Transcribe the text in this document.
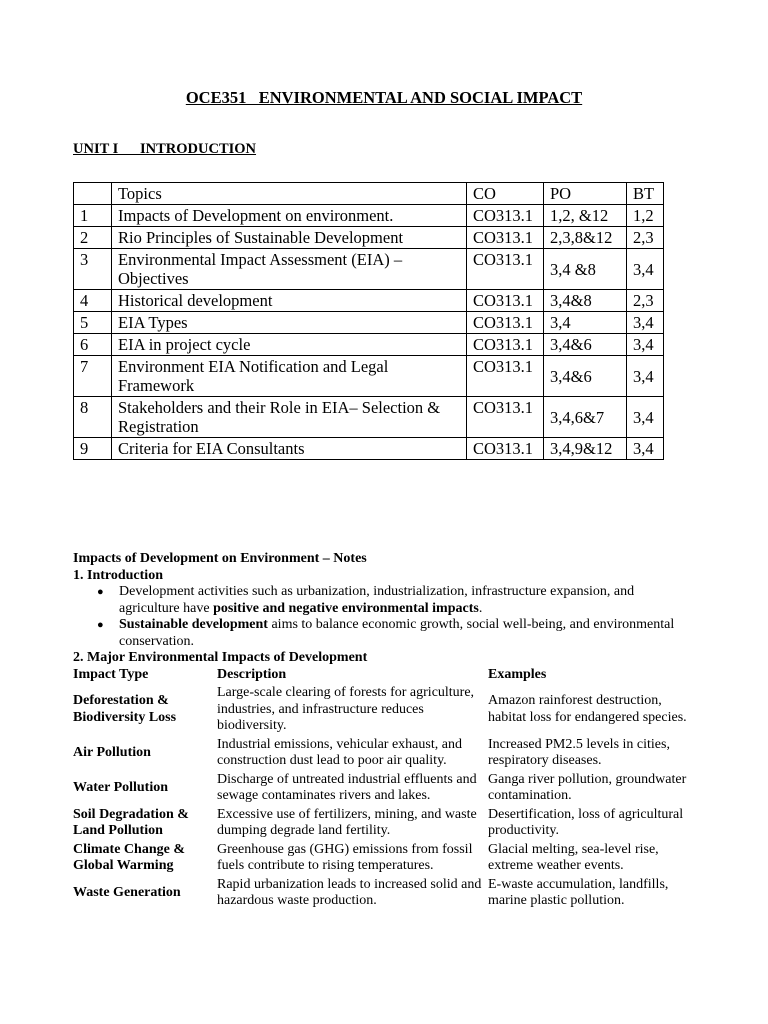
OCE351   ENVIRONMENTAL AND SOCIAL IMPACT
UNIT I      INTRODUCTION
	Topics	CO	PO	BT
1	Impacts of Development on environment.	CO313.1	1,2, &12	1,2
2	Rio Principles of Sustainable Development	CO313.1	2,3,8&12	2,3
3	Environmental Impact Assessment (EIA) – Objectives	CO313.1	3,4 &8	3,4
4	Historical development	CO313.1	3,4&8	2,3
5	EIA Types	CO313.1	3,4	3,4
6	EIA in project cycle	CO313.1	3,4&6	3,4
7	Environment EIA Notification and Legal Framework	CO313.1	3,4&6	3,4
8	Stakeholders and their Role in EIA– Selection & Registration	CO313.1	3,4,6&7	3,4
9	Criteria for EIA Consultants	CO313.1	3,4,9&12	3,4
Impacts of Development on Environment – Notes
1. Introduction
● Development activities such as urbanization, industrialization, infrastructure expansion, and agriculture have positive and negative environmental impacts.
● Sustainable development aims to balance economic growth, social well-being, and environmental conservation.
2. Major Environmental Impacts of Development
Impact Type	Description	Examples
Deforestation & Biodiversity Loss	Large-scale clearing of forests for agriculture, industries, and infrastructure reduces biodiversity.	Amazon rainforest destruction, habitat loss for endangered species.
Air Pollution	Industrial emissions, vehicular exhaust, and construction dust lead to poor air quality.	Increased PM2.5 levels in cities, respiratory diseases.
Water Pollution	Discharge of untreated industrial effluents and sewage contaminates rivers and lakes.	Ganga river pollution, groundwater contamination.
Soil Degradation & Land Pollution	Excessive use of fertilizers, mining, and waste dumping degrade land fertility.	Desertification, loss of agricultural productivity.
Climate Change & Global Warming	Greenhouse gas (GHG) emissions from fossil fuels contribute to rising temperatures.	Glacial melting, sea-level rise, extreme weather events.
Waste Generation	Rapid urbanization leads to increased solid and hazardous waste production.	E-waste accumulation, landfills, marine plastic pollution.
